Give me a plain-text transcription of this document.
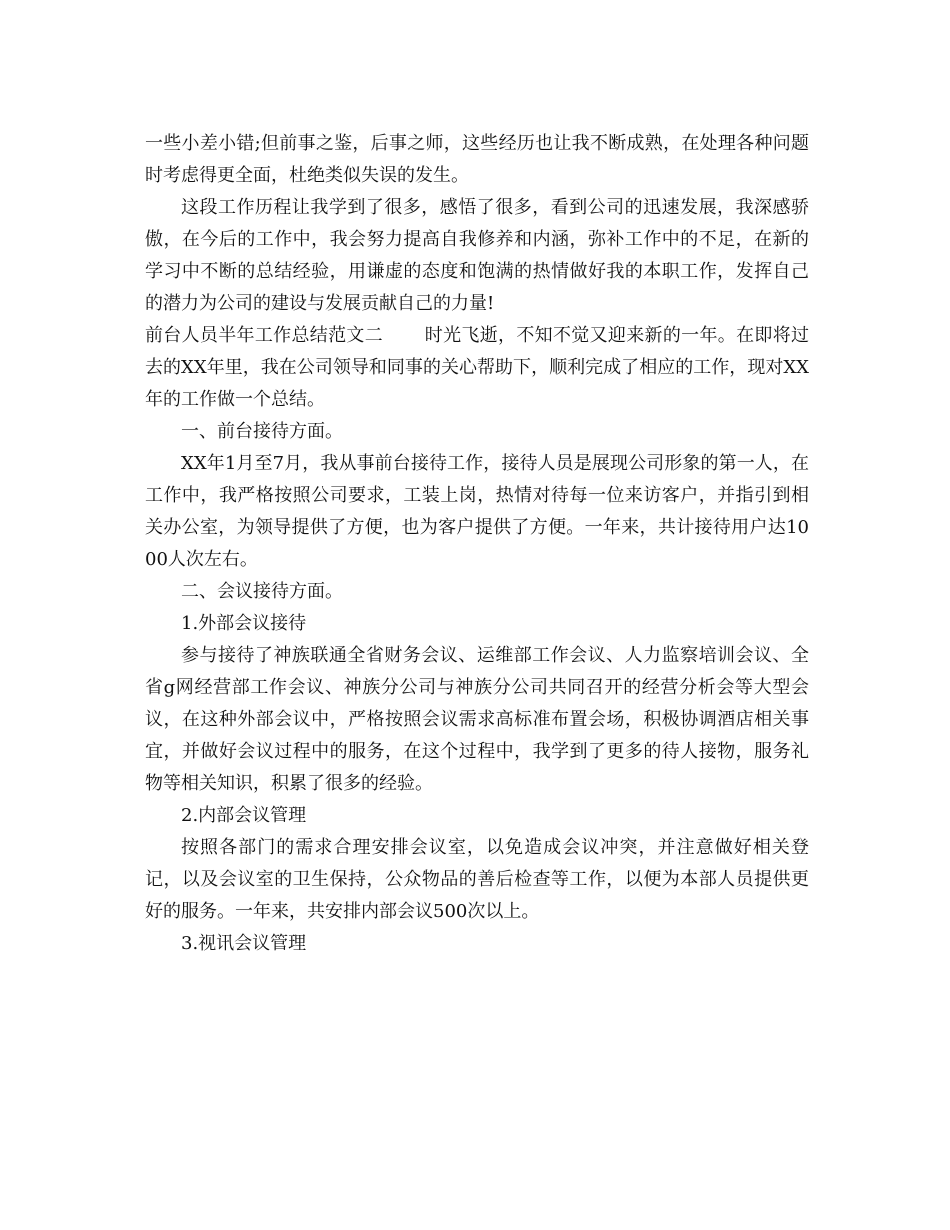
一些小差小错;但前事之鉴，后事之师，这些经历也让我不断成熟，在处理各种问题时考虑得更全面，杜绝类似失误的发生。

这段工作历程让我学到了很多，感悟了很多，看到公司的迅速发展，我深感骄傲，在今后的工作中，我会努力提高自我修养和内涵，弥补工作中的不足，在新的学习中不断的总结经验，用谦虚的态度和饱满的热情做好我的本职工作，发挥自己的潜力为公司的建设与发展贡献自己的力量!

前台人员半年工作总结范文二 时光飞逝，不知不觉又迎来新的一年。在即将过去的XX年里，我在公司领导和同事的关心帮助下，顺利完成了相应的工作，现对XX年的工作做一个总结。

一、前台接待方面。

XX年1月至7月，我从事前台接待工作，接待人员是展现公司形象的第一人，在工作中，我严格按照公司要求，工装上岗，热情对待每一位来访客户，并指引到相关办公室，为领导提供了方便，也为客户提供了方便。一年来，共计接待用户达1000人次左右。

二、会议接待方面。

1.外部会议接待

参与接待了神族联通全省财务会议、运维部工作会议、人力监察培训会议、全省g网经营部工作会议、神族分公司与神族分公司共同召开的经营分析会等大型会议，在这种外部会议中，严格按照会议需求高标准布置会场，积极协调酒店相关事宜，并做好会议过程中的服务，在这个过程中，我学到了更多的待人接物，服务礼物等相关知识，积累了很多的经验。

2.内部会议管理

按照各部门的需求合理安排会议室，以免造成会议冲突，并注意做好相关登记，以及会议室的卫生保持，公众物品的善后检查等工作，以便为本部人员提供更好的服务。一年来，共安排内部会议500次以上。

3.视讯会议管理
